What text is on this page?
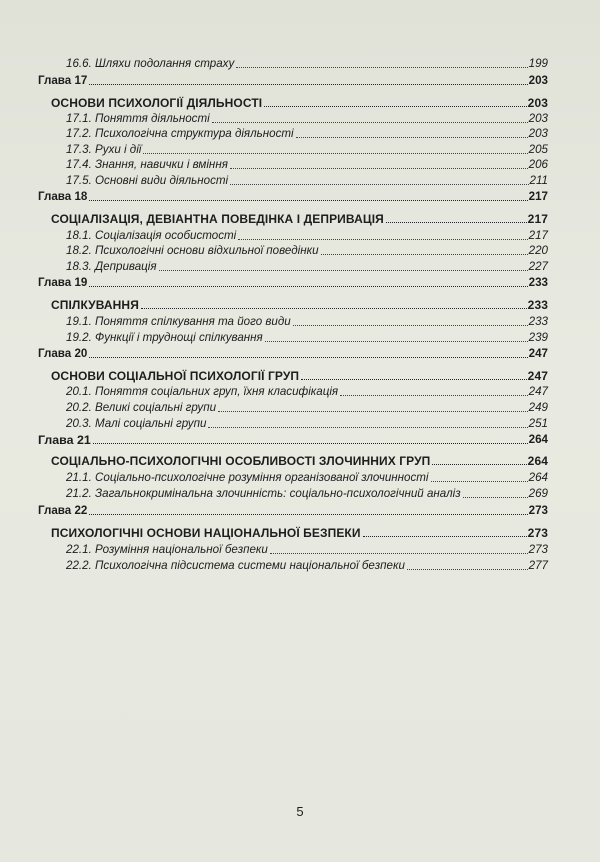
16.6. Шляхи подолання страху	199
Глава 17	203
ОСНОВИ ПСИХОЛОГІЇ ДІЯЛЬНОСТІ	203
17.1. Поняття діяльності	203
17.2. Психологічна структура діяльності	203
17.3. Рухи і дії	205
17.4. Знання, навички і вміння	206
17.5. Основні види діяльності	211
Глава 18	217
СОЦІАЛІЗАЦІЯ, ДЕВІАНТНА ПОВЕДІНКА І ДЕПРИВАЦІЯ	217
18.1. Соціалізація особистості	217
18.2. Психологічні основи відхильної поведінки	220
18.3. Депривація	227
Глава 19	233
СПІЛКУВАННЯ	233
19.1. Поняття спілкування та його види	233
19.2. Функції і труднощі спілкування	239
Глава 20	247
ОСНОВИ СОЦІАЛЬНОЇ ПСИХОЛОГІЇ ГРУП	247
20.1. Поняття соціальних груп, їхня класифікація	247
20.2. Великі соціальні групи	249
20.3. Малі соціальні групи	251
Глава 21	264
СОЦІАЛЬНО-ПСИХОЛОГІЧНІ ОСОБЛИВОСТІ ЗЛОЧИННИХ ГРУП	264
21.1. Соціально-психологічне розуміння організованої злочинності	264
21.2. Загальнокримінальна злочинність: соціально-психологічний аналіз	269
Глава 22	273
ПСИХОЛОГІЧНІ ОСНОВИ НАЦІОНАЛЬНОЇ БЕЗПЕКИ	273
22.1. Розуміння національної безпеки	273
22.2. Психологічна підсистема системи національної безпеки	277
5
